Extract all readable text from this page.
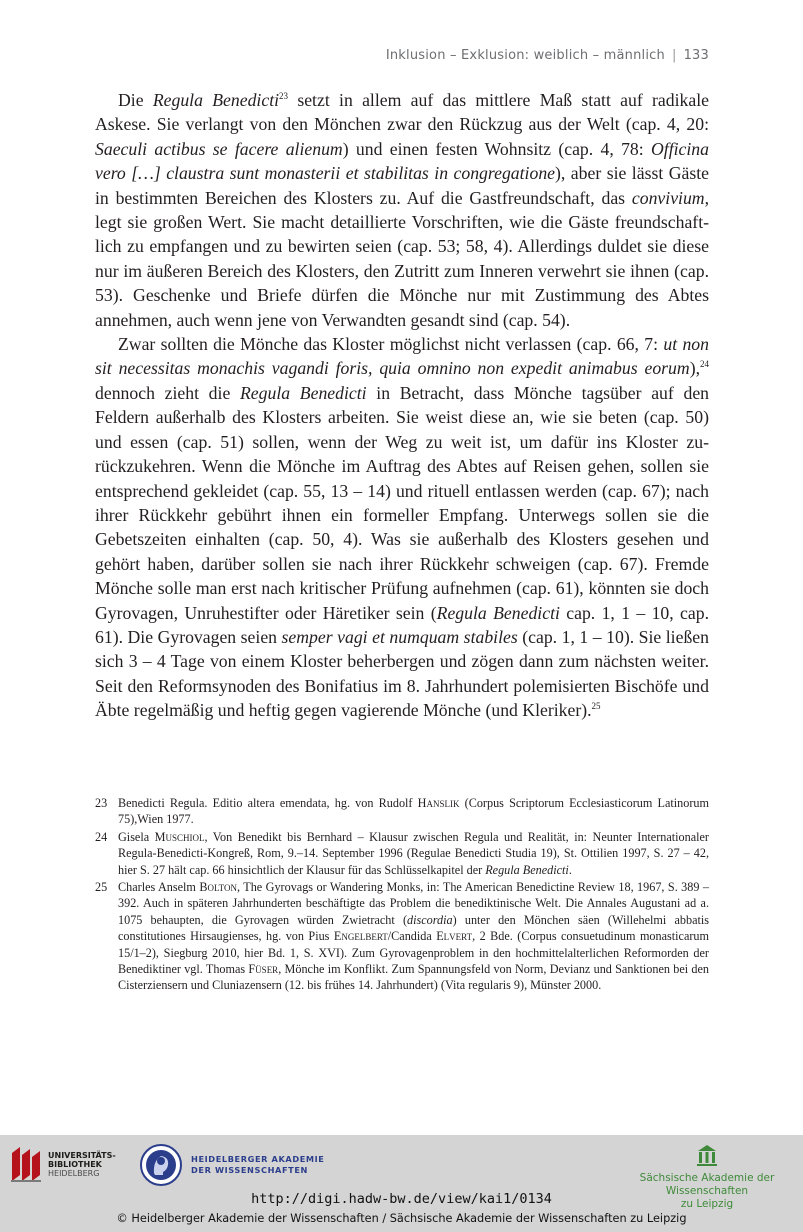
Inklusion – Exklusion: weiblich – männlich | 133

Die Regula Benedicti$^{23}$ setzt in allem auf das mittlere Maß statt auf radikale Askese. Sie verlangt von den Mönchen zwar den Rückzug aus der Welt (cap. 4, 20: Saeculi actibus se facere alienum) und einen festen Wohnsitz (cap. 4, 78: Officina vero […] claustra sunt monasterii et stabilitas in congregatione), aber sie lässt Gäste in bestimmten Bereichen des Klosters zu. Auf die Gastfreundschaft, das convivium, legt sie großen Wert. Sie macht detaillierte Vorschriften, wie die Gäste freundschaftlich zu empfangen und zu bewirten seien (cap. 53; 58, 4). Allerdings duldet sie diese nur im äußeren Bereich des Klosters, den Zutritt zum Inneren verwehrt sie ihnen (cap. 53). Geschenke und Briefe dürfen die Mönche nur mit Zustimmung des Abtes annehmen, auch wenn jene von Verwandten gesandt sind (cap. 54).

Zwar sollten die Mönche das Kloster möglichst nicht verlassen (cap. 66, 7: ut non sit necessitas monachis vagandi foris, quia omnino non expedit animabus eorum),$^{24}$ dennoch zieht die Regula Benedicti in Betracht, dass Mönche tagsüber auf den Feldern außerhalb des Klosters arbeiten. Sie weist diese an, wie sie beten (cap. 50) und essen (cap. 51) sollen, wenn der Weg zu weit ist, um dafür ins Kloster zurückzukehren. Wenn die Mönche im Auftrag des Abtes auf Reisen gehen, sollen sie entsprechend gekleidet (cap. 55, 13 – 14) und rituell entlassen werden (cap. 67); nach ihrer Rückkehr gebührt ihnen ein formeller Empfang. Unterwegs sollen sie die Gebetszeiten einhalten (cap. 50, 4). Was sie außerhalb des Klosters gesehen und gehört haben, darüber sollen sie nach ihrer Rückkehr schweigen (cap. 67). Fremde Mönche solle man erst nach kritischer Prüfung aufnehmen (cap. 61), könnten sie doch Gyrovagen, Unruhestifter oder Häretiker sein (Regula Benedicti cap. 1, 1 – 10, cap. 61). Die Gyrovagen seien semper vagi et numquam stabiles (cap. 1, 1 – 10). Sie ließen sich 3 – 4 Tage von einem Kloster beherbergen und zögen dann zum nächsten weiter. Seit den Reformsynoden des Bonifatius im 8. Jahrhundert polemisierten Bischöfe und Äbte regelmäßig und heftig gegen vagierende Mönche (und Kleriker).$^{25}$

23 Benedicti Regula. Editio altera emendata, hg. von Rudolf Hanslik (Corpus Scriptorum Ecclesiasticorum Latinorum 75),Wien 1977.
24 Gisela Muschiol, Von Benedikt bis Bernhard – Klausur zwischen Regula und Realität, in: Neunter Internationaler Regula-Benedicti-Kongreß, Rom, 9.–14. September 1996 (Regulae Benedicti Studia 19), St. Ottilien 1997, S. 27 – 42, hier S. 27 hält cap. 66 hinsichtlich der Klausur für das Schlüsselkapitel der Regula Benedicti.
25 Charles Anselm Bolton, The Gyrovags or Wandering Monks, in: The American Benedictine Review 18, 1967, S. 389 – 392. Auch in späteren Jahrhunderten beschäftigte das Problem die benediktinische Welt. Die Annales Augustani ad a. 1075 behaupten, die Gyrovagen würden Zwietracht (discordia) unter den Mönchen säen (Willehelmi abbatis constitutiones Hirsaugienses, hg. von Pius Engelbert/Candida Elvert, 2 Bde. (Corpus consuetudinum monasticarum 15/1–2), Siegburg 2010, hier Bd. 1, S. XVI). Zum Gyrovagenproblem in den hochmittelalterlichen Reformorden der Benediktiner vgl. Thomas Füser, Mönche im Konflikt. Zum Spannungsfeld von Norm, Devianz und Sanktionen bei den Cisterziensern und Cluniazensern (12. bis frühes 14. Jahrhundert) (Vita regularis 9), Münster 2000.
UNIVERSITÄTS-
BIBLIOTHEK
HEIDELBERG
HEIDELBERGER AKADEMIE
DER WISSENSCHAFTEN
Sächsische Akademie der Wissenschaften
zu Leipzig
http://digi.hadw-bw.de/view/kai1/0134
© Heidelberger Akademie der Wissenschaften / Sächsische Akademie der Wissenschaften zu Leipzig
